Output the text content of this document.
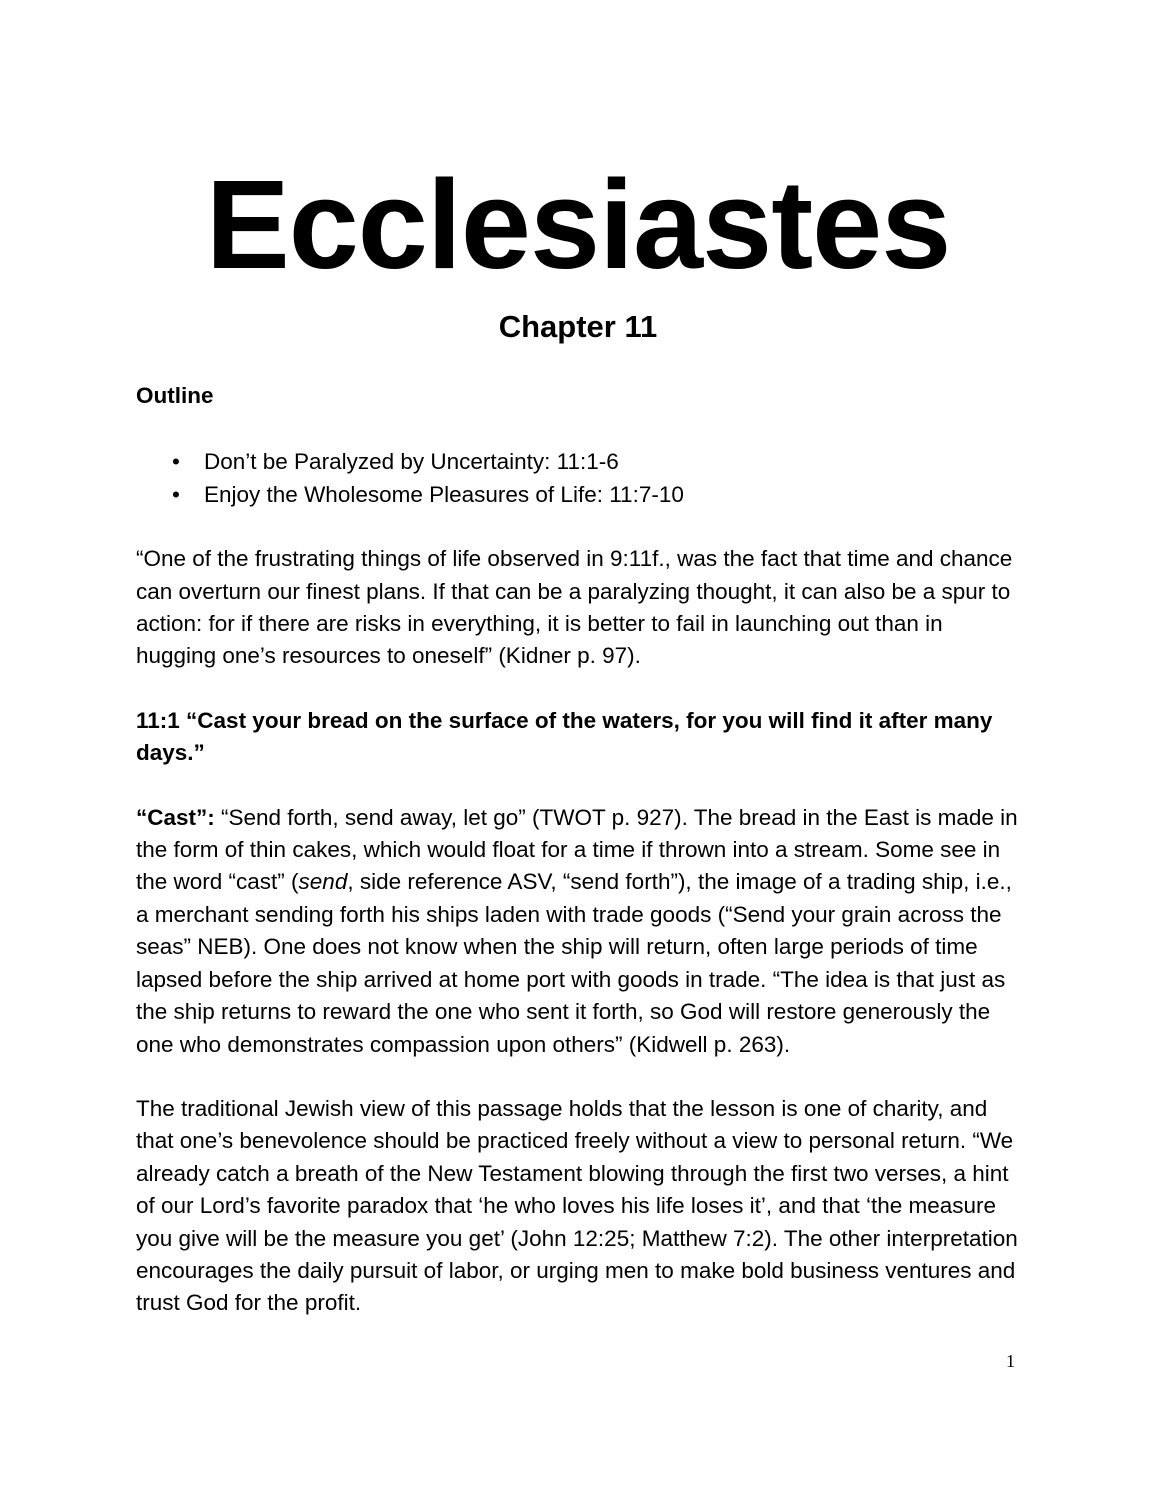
Ecclesiastes
Chapter 11

Outline

• Don’t be Paralyzed by Uncertainty: 11:1-6
• Enjoy the Wholesome Pleasures of Life: 11:7-10

“One of the frustrating things of life observed in 9:11f., was the fact that time and chance can overturn our finest plans. If that can be a paralyzing thought, it can also be a spur to action: for if there are risks in everything, it is better to fail in launching out than in hugging one’s resources to oneself” (Kidner p. 97).

11:1 “Cast your bread on the surface of the waters, for you will find it after many days.”

“Cast”: “Send forth, send away, let go” (TWOT p. 927). The bread in the East is made in the form of thin cakes, which would float for a time if thrown into a stream. Some see in the word “cast” (send, side reference ASV, “send forth”), the image of a trading ship, i.e., a merchant sending forth his ships laden with trade goods (“Send your grain across the seas” NEB). One does not know when the ship will return, often large periods of time lapsed before the ship arrived at home port with goods in trade. “The idea is that just as the ship returns to reward the one who sent it forth, so God will restore generously the one who demonstrates compassion upon others” (Kidwell p. 263).

The traditional Jewish view of this passage holds that the lesson is one of charity, and that one’s benevolence should be practiced freely without a view to personal return. “We already catch a breath of the New Testament blowing through the first two verses, a hint of our Lord’s favorite paradox that ‘he who loves his life loses it’, and that ‘the measure you give will be the measure you get’ (John 12:25; Matthew 7:2). The other interpretation encourages the daily pursuit of labor, or urging men to make bold business ventures and trust God for the profit.

1
